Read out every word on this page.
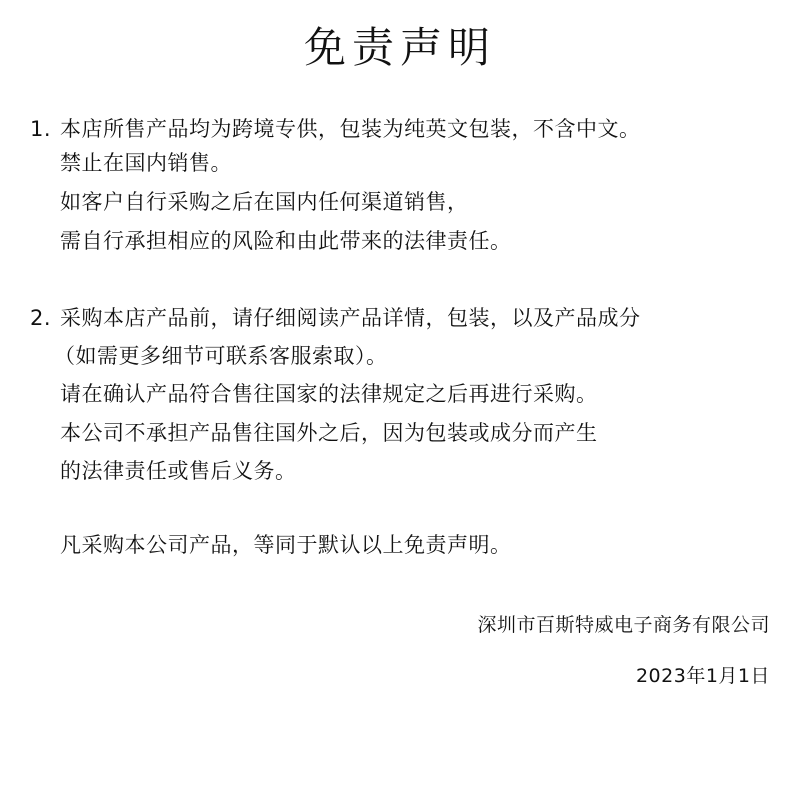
免责声明
1. 本店所售产品均为跨境专供，包装为纯英文包装，不含中文。
禁止在国内销售。
如客户自行采购之后在国内任何渠道销售，
需自行承担相应的风险和由此带来的法律责任。
2. 采购本店产品前，请仔细阅读产品详情，包装，以及产品成分
（如需更多细节可联系客服索取）。
请在确认产品符合售往国家的法律规定之后再进行采购。
本公司不承担产品售往国外之后，因为包装或成分而产生
的法律责任或售后义务。
凡采购本公司产品，等同于默认以上免责声明。
深圳市百斯特威电子商务有限公司
2023年1月1日
